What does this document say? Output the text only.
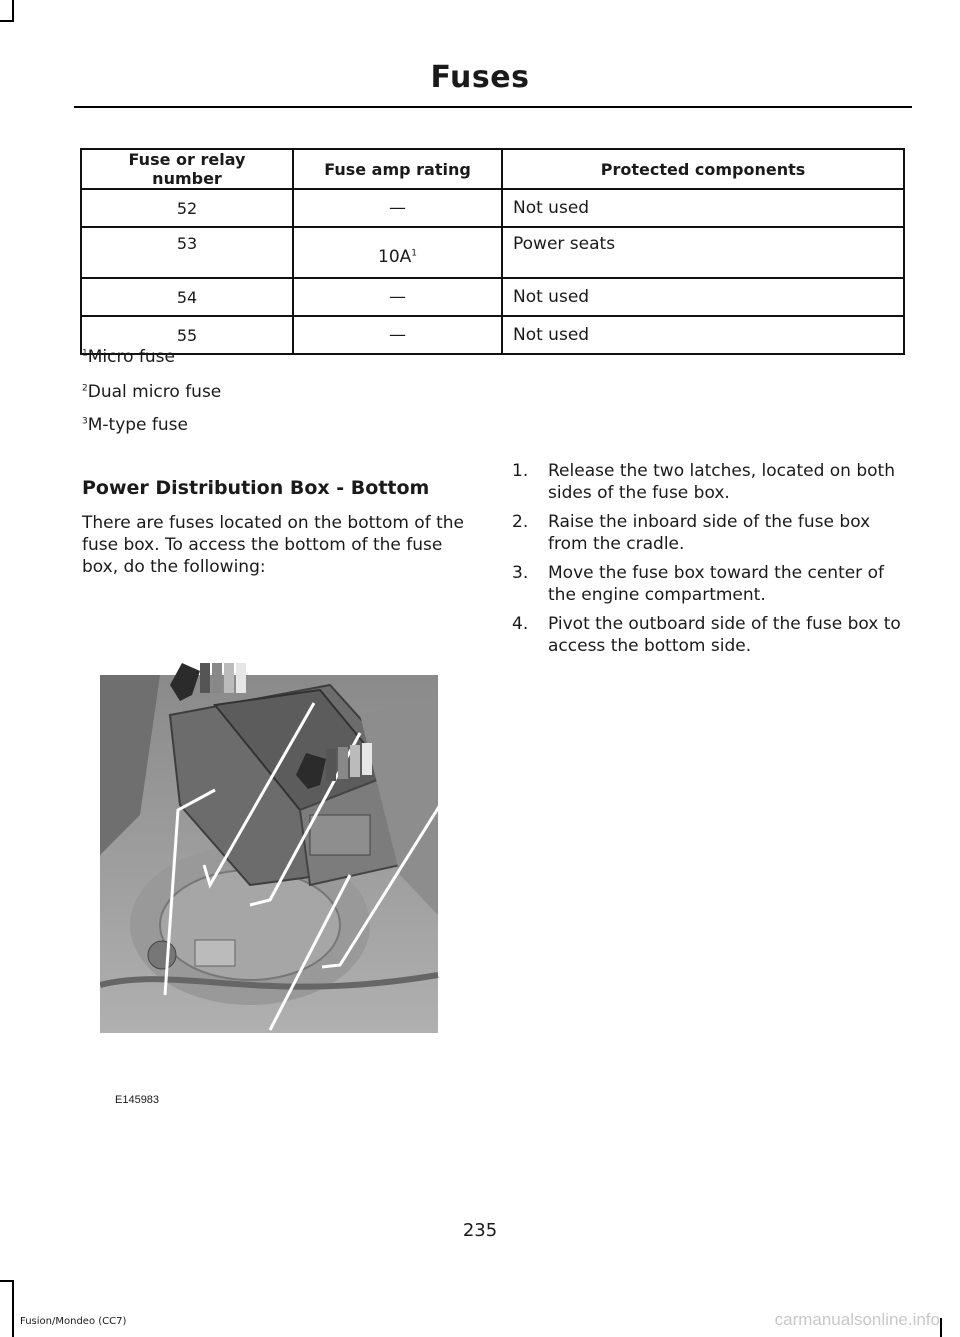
Fuses
Fuse or relay number	Fuse amp rating	Protected components
52	—	Not used
53	$10A^1$	Power seats
54	—	Not used
55	—	Not used
$^1$Micro fuse
$^2$Dual micro fuse
$^3$M-type fuse
Power Distribution Box - Bottom
There are fuses located on the bottom of the fuse box. To access the bottom of the fuse box, do the following:
1. Release the two latches, located on both sides of the fuse box.
2. Raise the inboard side of the fuse box from the cradle.
3. Move the fuse box toward the center of the engine compartment.
4. Pivot the outboard side of the fuse box to access the bottom side.
E145983
235
Fusion/Mondeo (CC7)	carmanualsonline.info
